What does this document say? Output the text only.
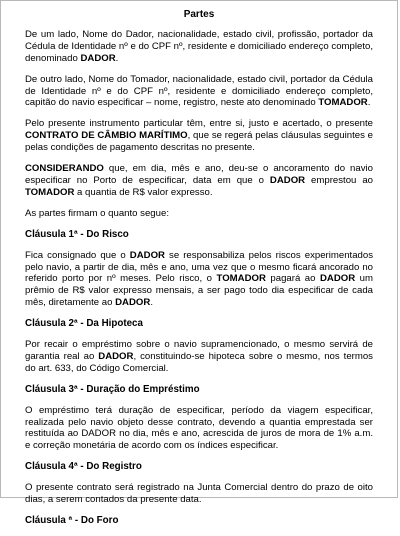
Partes

De um lado, Nome do Dador, nacionalidade, estado civil, profissão, portador da Cédula de Identidade nº e do CPF nº, residente e domiciliado endereço completo, denominado DADOR.

De outro lado, Nome do Tomador, nacionalidade, estado civil, portador da Cédula de Identidade nº e do CPF nº, residente e domiciliado endereço completo, capitão do navio especificar – nome, registro, neste ato denominado TOMADOR.

Pelo presente instrumento particular têm, entre si, justo e acertado, o presente CONTRATO DE CÂMBIO MARÍTIMO, que se regerá pelas cláusulas seguintes e pelas condições de pagamento descritas no presente.

CONSIDERANDO que, em dia, mês e ano, deu-se o ancoramento do navio especificar no Porto de especificar, data em que o DADOR emprestou ao TOMADOR a quantia de R$ valor expresso.

As partes firmam o quanto segue:

Cláusula 1ª - Do Risco

Fica consignado que o DADOR se responsabiliza pelos riscos experimentados pelo navio, a partir de dia, mês e ano, uma vez que o mesmo ficará ancorado no referido porto por nº meses. Pelo risco, o TOMADOR pagará ao DADOR um prêmio de R$ valor expresso mensais, a ser pago todo dia especificar de cada mês, diretamente ao DADOR.

Cláusula 2ª - Da Hipoteca

Por recair o empréstimo sobre o navio supramencionado, o mesmo servirá de garantia real ao DADOR, constituindo-se hipoteca sobre o mesmo, nos termos do art. 633, do Código Comercial.

Cláusula 3ª - Duração do Empréstimo

O empréstimo terá duração de especificar, período da viagem especificar, realizada pelo navio objeto desse contrato, devendo a quantia emprestada ser restituída ao DADOR no dia, mês e ano, acrescida de juros de mora de 1% a.m. e correção monetária de acordo com os índices especificar.

Cláusula 4ª - Do Registro

O presente contrato será registrado na Junta Comercial dentro do prazo de oito dias, a serem contados da presente data.

Cláusula ª - Do Foro
